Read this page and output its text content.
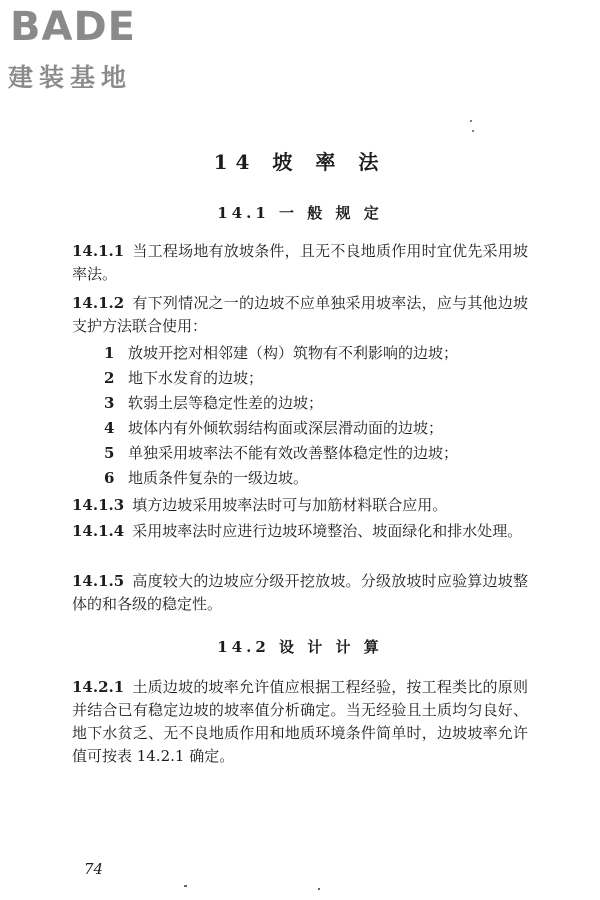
BADE
建装基地
14 坡 率 法
14.1 一 般 规 定
14.1.1 当工程场地有放坡条件，且无不良地质作用时宜优先采用坡率法。
14.1.2 有下列情况之一的边坡不应单独采用坡率法，应与其他边坡支护方法联合使用：
1 放坡开挖对相邻建（构）筑物有不利影响的边坡；
2 地下水发育的边坡；
3 软弱土层等稳定性差的边坡；
4 坡体内有外倾软弱结构面或深层滑动面的边坡；
5 单独采用坡率法不能有效改善整体稳定性的边坡；
6 地质条件复杂的一级边坡。
14.1.3 填方边坡采用坡率法时可与加筋材料联合应用。
14.1.4 采用坡率法时应进行边坡环境整治、坡面绿化和排水处理。
14.1.5 高度较大的边坡应分级开挖放坡。分级放坡时应验算边坡整体的和各级的稳定性。
14.2 设 计 计 算
14.2.1 土质边坡的坡率允许值应根据工程经验，按工程类比的原则并结合已有稳定边坡的坡率值分析确定。当无经验且土质均匀良好、地下水贫乏、无不良地质作用和地质环境条件简单时，边坡坡率允许值可按表 14.2.1 确定。
74
